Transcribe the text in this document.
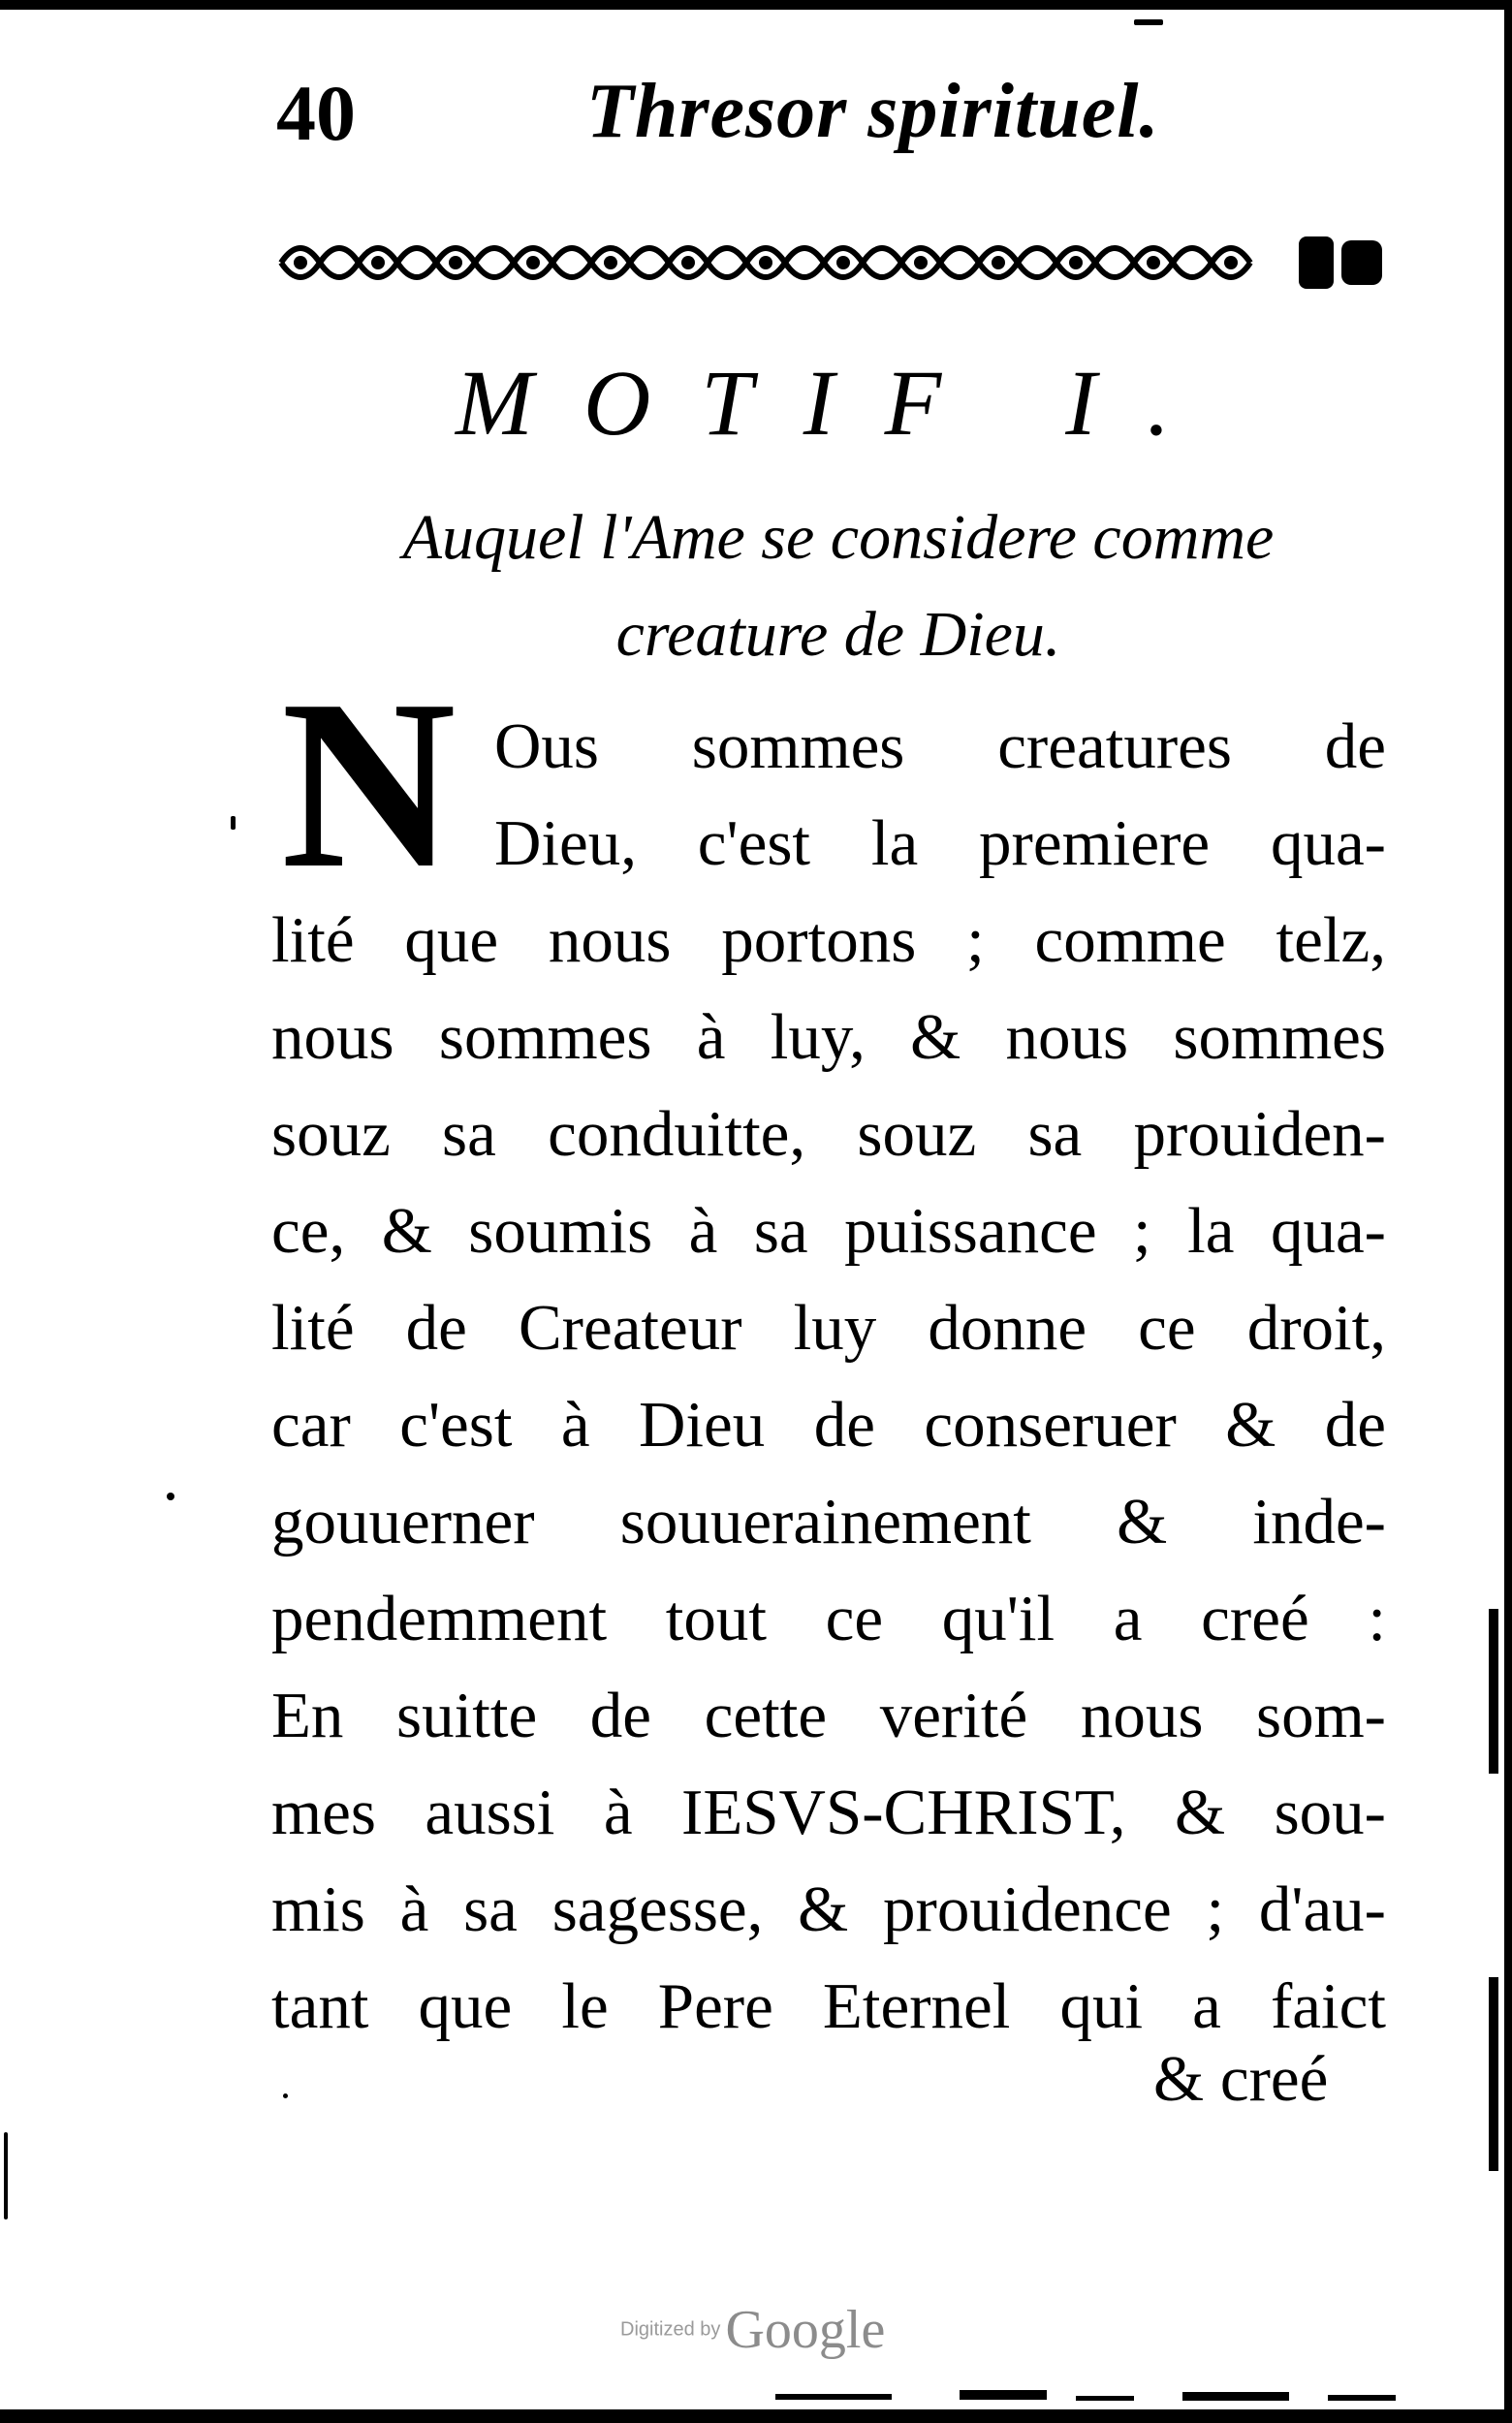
40	Thresor spirituel.
MOTIF I.
Auquel l'Ame se considere comme
creature de Dieu.
N Ous sommes creatures de
Dieu, c'est la premiere qua-
lité que nous portons ; comme telz,
nous sommes à luy, & nous sommes
souz sa conduitte, souz sa prouiden-
ce, & soumis à sa puissance ; la qua-
lité de Createur luy donne ce droit,
car c'est à Dieu de conseruer & de
gouuerner souuerainement & inde-
pendemment tout ce qu'il a creé :
En suitte de cette verité nous som-
mes aussi à IESVS-CHRIST, & sou-
mis à sa sagesse, & prouidence ; d'au-
tant que le Pere Eternel qui a faict
& creé
Digitized by Google
